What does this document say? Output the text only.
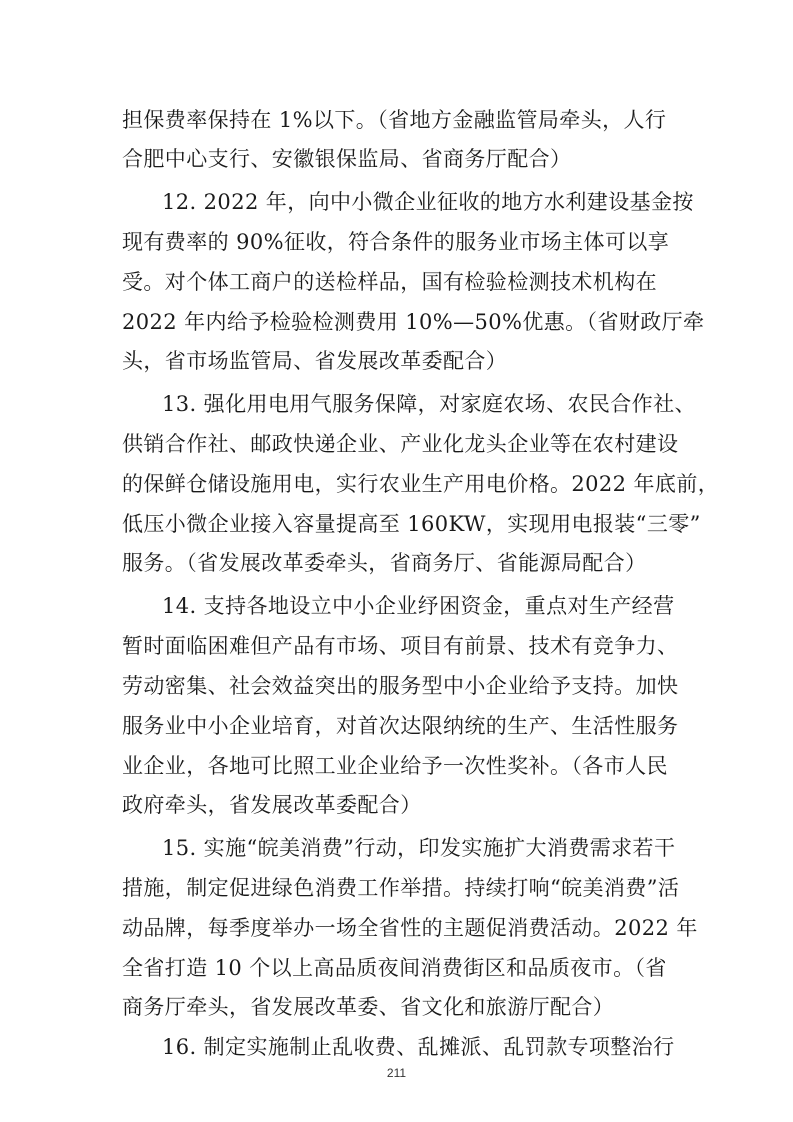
担保费率保持在 1%以下。（省地方金融监管局牵头，人行
合肥中心支行、安徽银保监局、省商务厅配合）
12. 2022 年，向中小微企业征收的地方水利建设基金按
现有费率的 90%征收，符合条件的服务业市场主体可以享
受。对个体工商户的送检样品，国有检验检测技术机构在
2022 年内给予检验检测费用 10%—50%优惠。（省财政厅牵
头，省市场监管局、省发展改革委配合）
13. 强化用电用气服务保障，对家庭农场、农民合作社、
供销合作社、邮政快递企业、产业化龙头企业等在农村建设
的保鲜仓储设施用电，实行农业生产用电价格。2022 年底前，
低压小微企业接入容量提高至 160KW，实现用电报装“三零”
服务。（省发展改革委牵头，省商务厅、省能源局配合）
14. 支持各地设立中小企业纾困资金，重点对生产经营
暂时面临困难但产品有市场、项目有前景、技术有竞争力、
劳动密集、社会效益突出的服务型中小企业给予支持。加快
服务业中小企业培育，对首次达限纳统的生产、生活性服务
业企业，各地可比照工业企业给予一次性奖补。（各市人民
政府牵头，省发展改革委配合）
15. 实施“皖美消费”行动，印发实施扩大消费需求若干
措施，制定促进绿色消费工作举措。持续打响“皖美消费”活
动品牌，每季度举办一场全省性的主题促消费活动。2022 年
全省打造 10 个以上高品质夜间消费街区和品质夜市。（省
商务厅牵头，省发展改革委、省文化和旅游厅配合）
16. 制定实施制止乱收费、乱摊派、乱罚款专项整治行
211
